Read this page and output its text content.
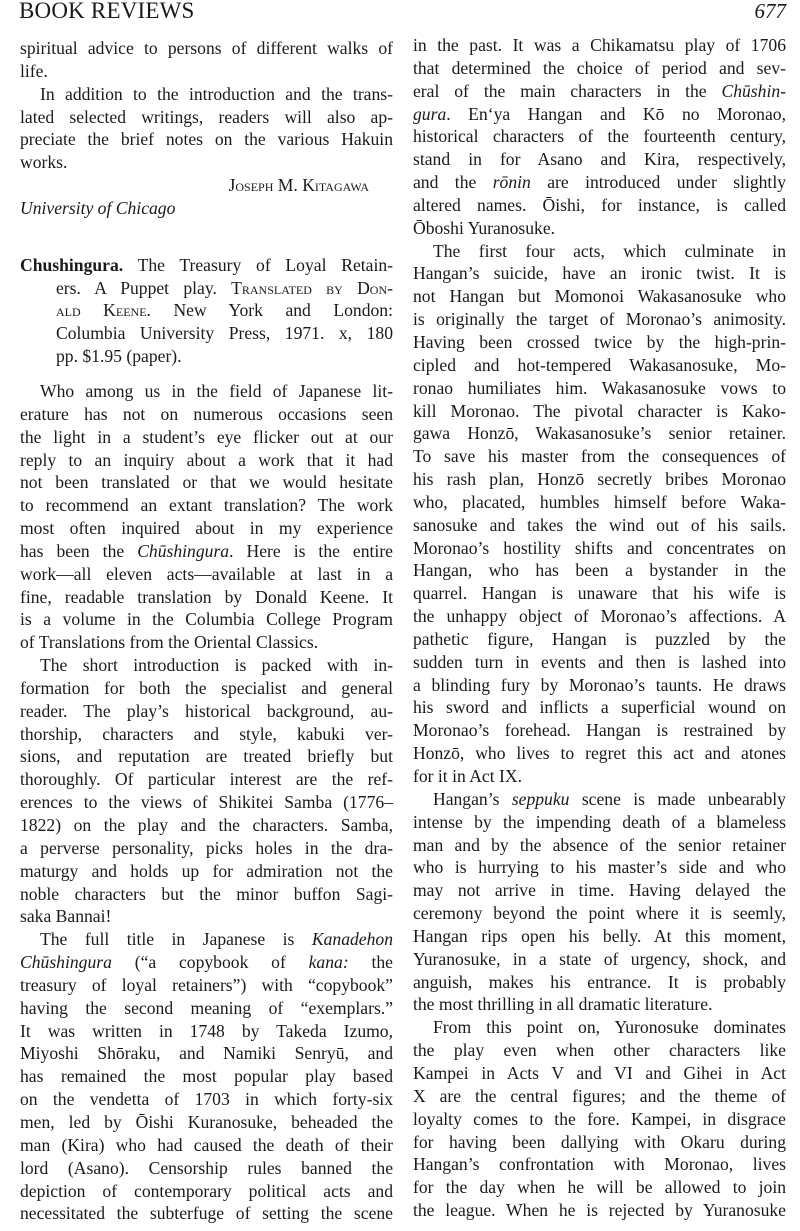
BOOK REVIEWS	677
spiritual advice to persons of different walks of
life.
In addition to the introduction and the trans-
lated selected writings, readers will also ap-
preciate the brief notes on the various Hakuin
works.
Joseph M. Kitagawa
University of Chicago
Chushingura. The Treasury of Loyal Retain-
ers. A Puppet play. Translated by Don-
ald Keene. New York and London:
Columbia University Press, 1971. x, 180
pp. $1.95 (paper).
Who among us in the field of Japanese lit-
erature has not on numerous occasions seen
the light in a student’s eye flicker out at our
reply to an inquiry about a work that it had
not been translated or that we would hesitate
to recommend an extant translation? The work
most often inquired about in my experience
has been the Chūshingura. Here is the entire
work—all eleven acts—available at last in a
fine, readable translation by Donald Keene. It
is a volume in the Columbia College Program
of Translations from the Oriental Classics.
The short introduction is packed with in-
formation for both the specialist and general
reader. The play’s historical background, au-
thorship, characters and style, kabuki ver-
sions, and reputation are treated briefly but
thoroughly. Of particular interest are the ref-
erences to the views of Shikitei Samba (1776–
1822) on the play and the characters. Samba,
a perverse personality, picks holes in the dra-
maturgy and holds up for admiration not the
noble characters but the minor buffon Sagi-
saka Bannai!
The full title in Japanese is Kanadehon
Chūshingura (“a copybook of kana: the
treasury of loyal retainers”) with “copybook”
having the second meaning of “exemplars.”
It was written in 1748 by Takeda Izumo,
Miyoshi Shōraku, and Namiki Senryū, and
has remained the most popular play based
on the vendetta of 1703 in which forty-six
men, led by Ōishi Kuranosuke, beheaded the
man (Kira) who had caused the death of their
lord (Asano). Censorship rules banned the
depiction of contemporary political acts and
necessitated the subterfuge of setting the scene
in the past. It was a Chikamatsu play of 1706
that determined the choice of period and sev-
eral of the main characters in the Chūshin-
gura. En‘ya Hangan and Kō no Moronao,
historical characters of the fourteenth century,
stand in for Asano and Kira, respectively,
and the rōnin are introduced under slightly
altered names. Ōishi, for instance, is called
Ōboshi Yuranosuke.
The first four acts, which culminate in
Hangan’s suicide, have an ironic twist. It is
not Hangan but Momonoi Wakasanosuke who
is originally the target of Moronao’s animosity.
Having been crossed twice by the high-prin-
cipled and hot-tempered Wakasanosuke, Mo-
ronao humiliates him. Wakasanosuke vows to
kill Moronao. The pivotal character is Kako-
gawa Honzō, Wakasanosuke’s senior retainer.
To save his master from the consequences of
his rash plan, Honzō secretly bribes Moronao
who, placated, humbles himself before Waka-
sanosuke and takes the wind out of his sails.
Moronao’s hostility shifts and concentrates on
Hangan, who has been a bystander in the
quarrel. Hangan is unaware that his wife is
the unhappy object of Moronao’s affections. A
pathetic figure, Hangan is puzzled by the
sudden turn in events and then is lashed into
a blinding fury by Moronao’s taunts. He draws
his sword and inflicts a superficial wound on
Moronao’s forehead. Hangan is restrained by
Honzō, who lives to regret this act and atones
for it in Act IX.
Hangan’s seppuku scene is made unbearably
intense by the impending death of a blameless
man and by the absence of the senior retainer
who is hurrying to his master’s side and who
may not arrive in time. Having delayed the
ceremony beyond the point where it is seemly,
Hangan rips open his belly. At this moment,
Yuranosuke, in a state of urgency, shock, and
anguish, makes his entrance. It is probably
the most thrilling in all dramatic literature.
From this point on, Yuronosuke dominates
the play even when other characters like
Kampei in Acts V and VI and Gihei in Act
X are the central figures; and the theme of
loyalty comes to the fore. Kampei, in disgrace
for having been dallying with Okaru during
Hangan’s confrontation with Moronao, lives
for the day when he will be allowed to join
the league. When he is rejected by Yuranosuke
